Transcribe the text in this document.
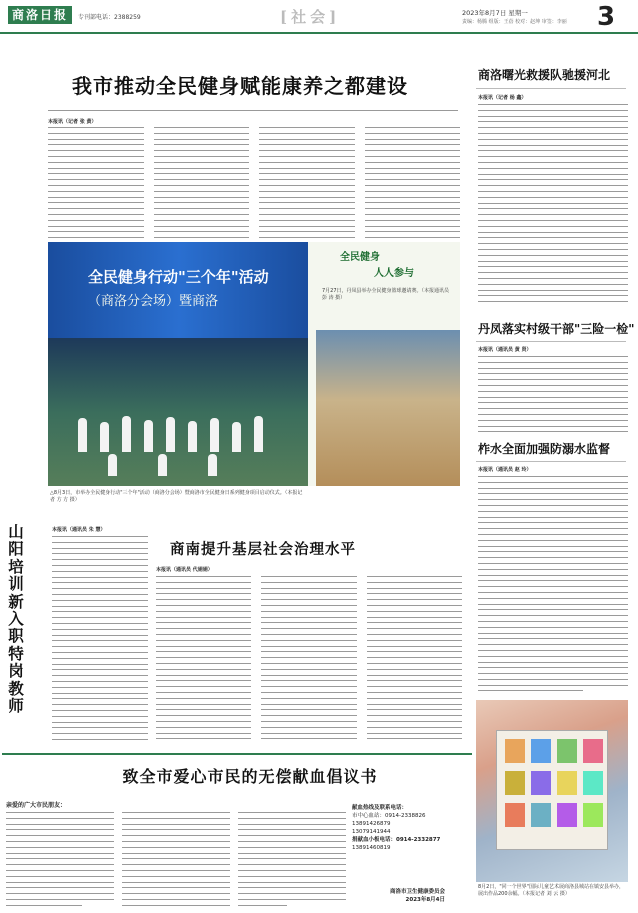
商洛日报	专刊部电话：2388259	[社会]	2023年8月7日 星期一
责编：杨腾 组版：王蓓 校对：赵坤 审签：李丽 3
我市推动全民健身赋能康养之都建设
本报讯（记者 张 黄）
全民健身行动"三个年"活动
（商洛分会场）暨商洛
全民健身
人人参与
7月27日，丹凤县举办全民健身篮球邀请赛。（本报通讯员 彭 涛 摄）
△8月3日，市举办全民健身行动"三个年"活动（商洛分会场）暨商洛市全民健身日系列健身项目启动仪式。（本报记者 方 方 摄）
山阳培训新入职特岗教师
本报讯（通讯员 朱 慧）
商南提升基层社会治理水平
本报讯（通讯员 代娟娟）
商洛曙光救援队驰援河北
本报讯（记者 杨 鑫）
丹凤落实村级干部"三险一检"
本报讯（通讯员 黄 贤）
柞水全面加强防溺水监督
本报讯（通讯员 赵 玲）
8月2日，"同一个世界"国际儿童艺术展商洛县城站在镇安县举办，展出作品200余幅。（本报记者 刘 云 摄）
致全市爱心市民的无偿献血倡议书
亲爱的广大市民朋友：	献血热线及联系电话：
市中心血站：0914-2338826 13891426879
13079141944
捐献血小板电话：0914-2332877
13891460819
商洛市卫生健康委员会
2023年8月4日
